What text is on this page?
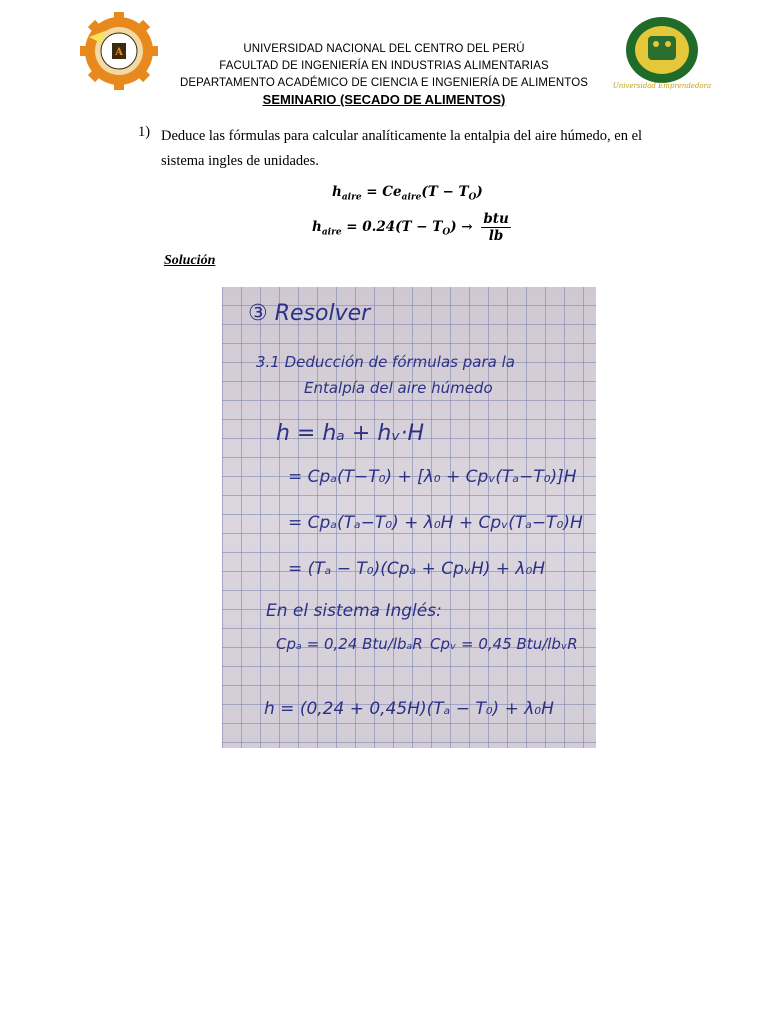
A
Universidad Emprendedora
UNIVERSIDAD NACIONAL DEL CENTRO DEL PERÚ
FACULTAD DE INGENIERÍA EN INDUSTRIAS ALIMENTARIAS
DEPARTAMENTO ACADÉMICO DE CIENCIA E INGENIERÍA DE ALIMENTOS
SEMINARIO (SECADO DE ALIMENTOS)
1) Deduce las fórmulas para calcular analíticamente la entalpia del aire húmedo, en el sistema ingles de unidades.
$h_{aire} = Ce_{aire}(T - T_O)$
$h_{aire} = 0.24(T - T_O) \to \frac{\text{btu}}{lb}$
Solución
③ Resolver
3.1 Deducción de fórmulas para la
Entalpía del aire húmedo
h = hₐ + hᵥ·H
= Cpₐ(T−T₀) + [λ₀ + Cpᵥ(Tₐ−T₀)]H
= Cpₐ(Tₐ−T₀) + λ₀H + Cpᵥ(Tₐ−T₀)H
= (Tₐ − T₀)(Cpₐ + CpᵥH) + λ₀H
En el sistema Inglés:
Cpₐ = 0,24 Btu/lbₐR Cpᵥ = 0,45 Btu/lbᵥR
h = (0,24 + 0,45H)(Tₐ − T₀) + λ₀H
